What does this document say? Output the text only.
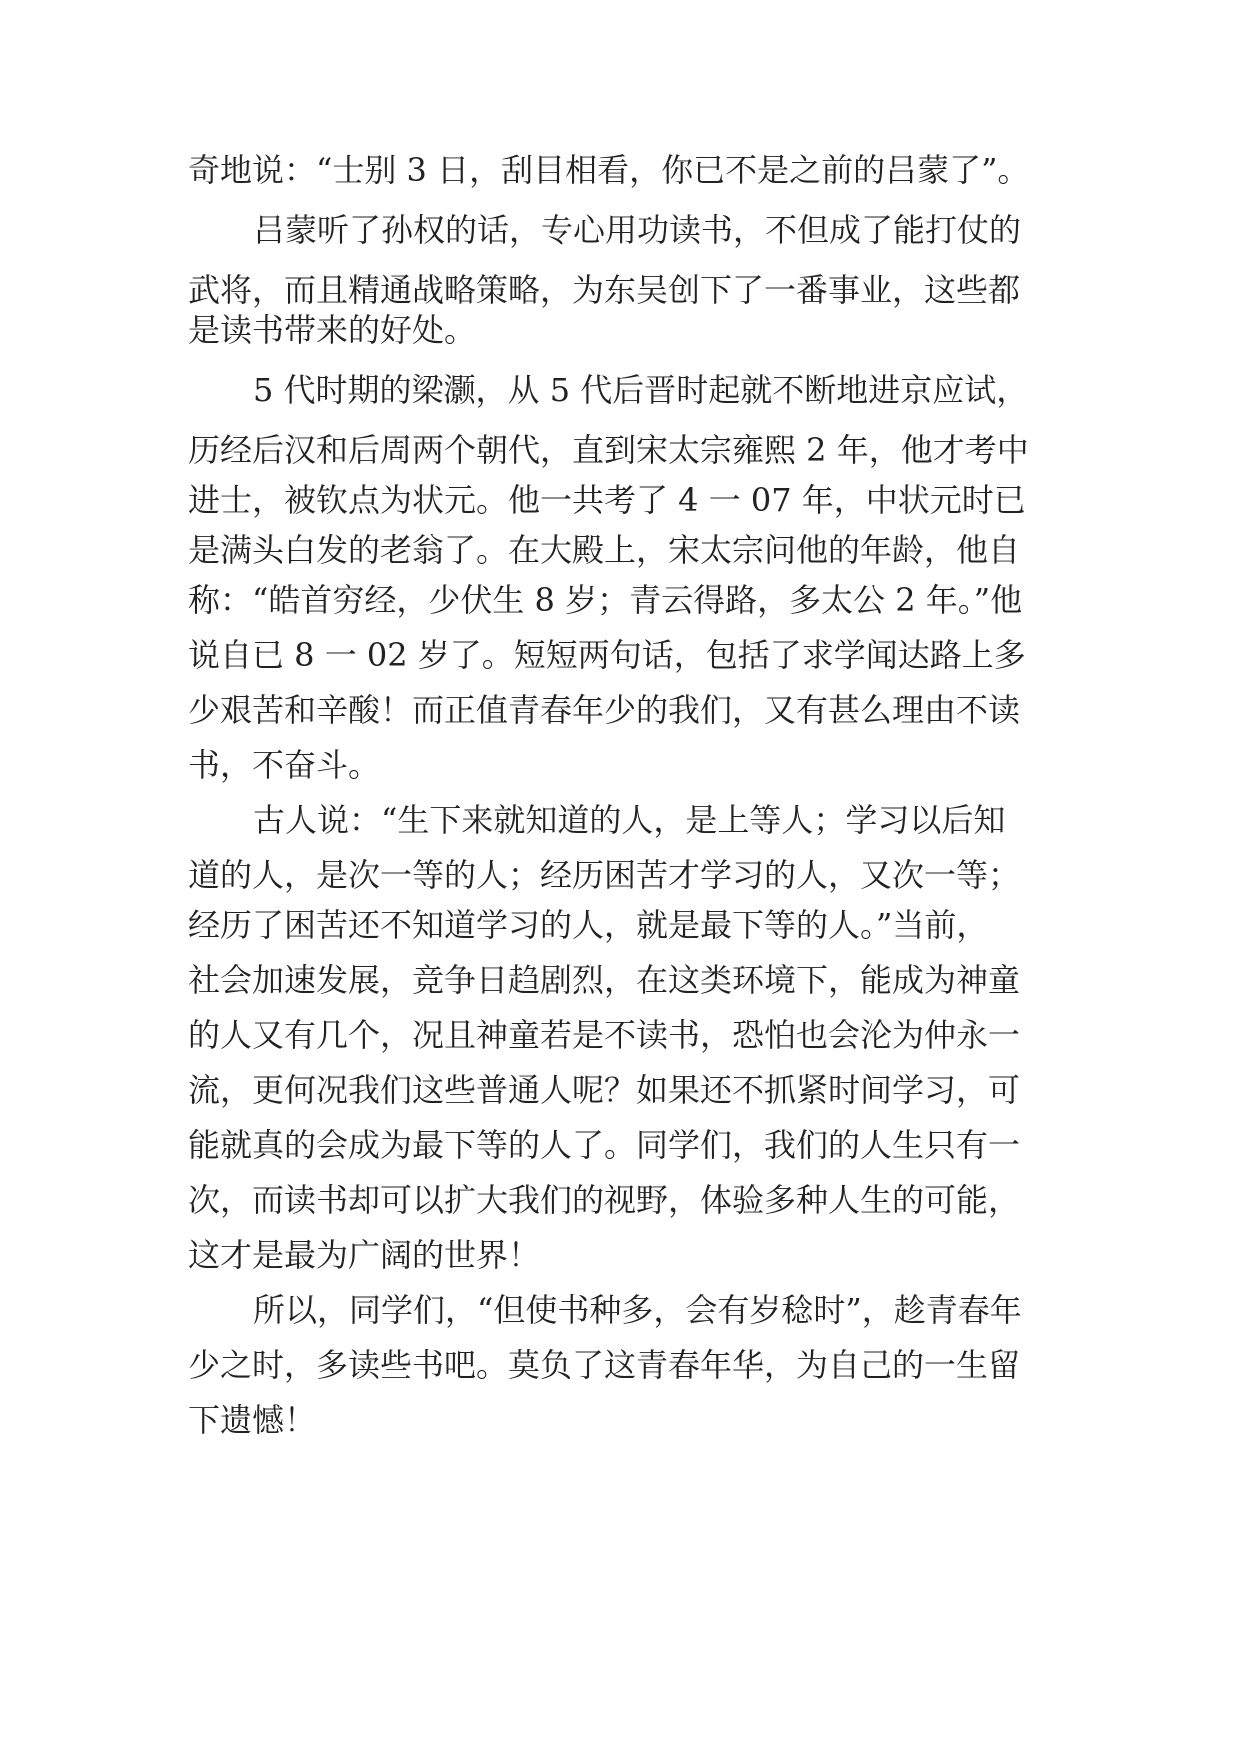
奇地说：“士别 3 日，刮目相看，你已不是之前的吕蒙了”。
吕蒙听了孙权的话，专心用功读书，不但成了能打仗的
武将，而且精通战略策略，为东吴创下了一番事业，这些都
是读书带来的好处。
5 代时期的梁灏，从 5 代后晋时起就不断地进京应试，
历经后汉和后周两个朝代，直到宋太宗雍熙 2 年，他才考中
进士，被钦点为状元。他一共考了 4 一 07 年，中状元时已
是满头白发的老翁了。在大殿上，宋太宗问他的年龄，他自
称：“皓首穷经，少伏生 8 岁；青云得路，多太公 2 年。”他
说自已 8 一 02 岁了。短短两句话，包括了求学闻达路上多
少艰苦和辛酸！而正值青春年少的我们，又有甚么理由不读
书，不奋斗。
古人说：“生下来就知道的人，是上等人；学习以后知
道的人，是次一等的人；经历困苦才学习的人，又次一等；
经历了困苦还不知道学习的人，就是最下等的人。”当前，
社会加速发展，竞争日趋剧烈，在这类环境下，能成为神童
的人又有几个，况且神童若是不读书，恐怕也会沦为仲永一
流，更何况我们这些普通人呢？如果还不抓紧时间学习，可
能就真的会成为最下等的人了。同学们，我们的人生只有一
次，而读书却可以扩大我们的视野，体验多种人生的可能，
这才是最为广阔的世界！
所以，同学们，“但使书种多，会有岁稔时”，趁青春年
少之时，多读些书吧。莫负了这青春年华，为自己的一生留
下遗憾！
